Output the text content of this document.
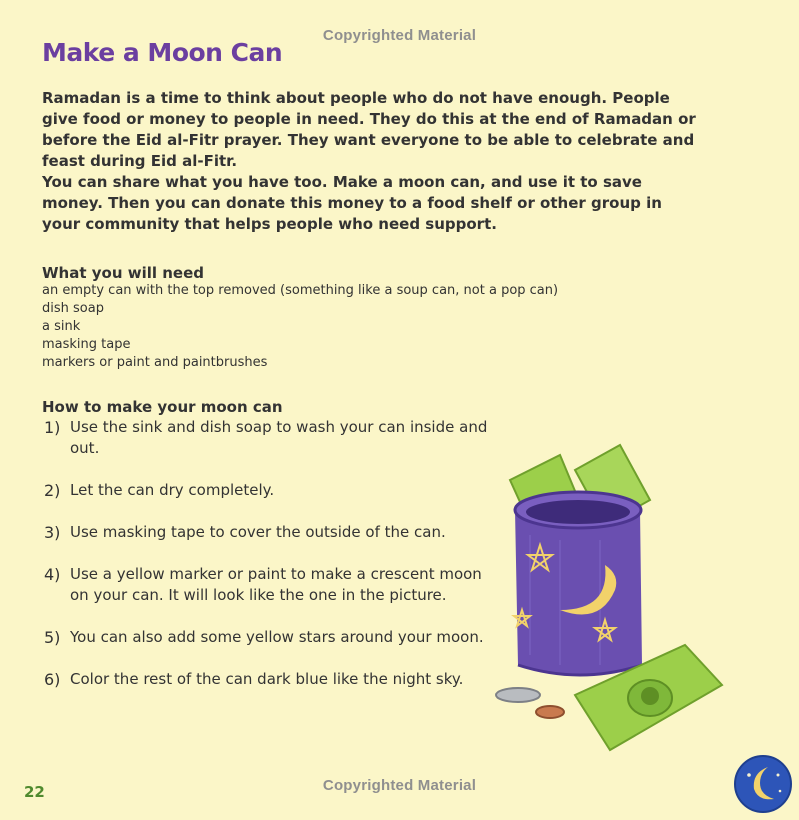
Copyrighted Material
Make a Moon Can

Ramadan is a time to think about people who do not have enough. People give food or money to people in need. They do this at the end of Ramadan or before the Eid al-Fitr prayer. They want everyone to be able to celebrate and feast during Eid al-Fitr.

You can share what you have too. Make a moon can, and use it to save money. Then you can donate this money to a food shelf or other group in your community that helps people who need support.

What you will need
an empty can with the top removed (something like a soup can, not a pop can)
dish soap
a sink
masking tape
markers or paint and paintbrushes
How to make your moon can
1) Use the sink and dish soap to wash your can inside and out.
2) Let the can dry completely.
3) Use masking tape to cover the outside of the can.
4) Use a yellow marker or paint to make a crescent moon on your can. It will look like the one in the picture.
5) You can also add some yellow stars around your moon.
6) Color the rest of the can dark blue like the night sky.
22	Copyrighted Material
